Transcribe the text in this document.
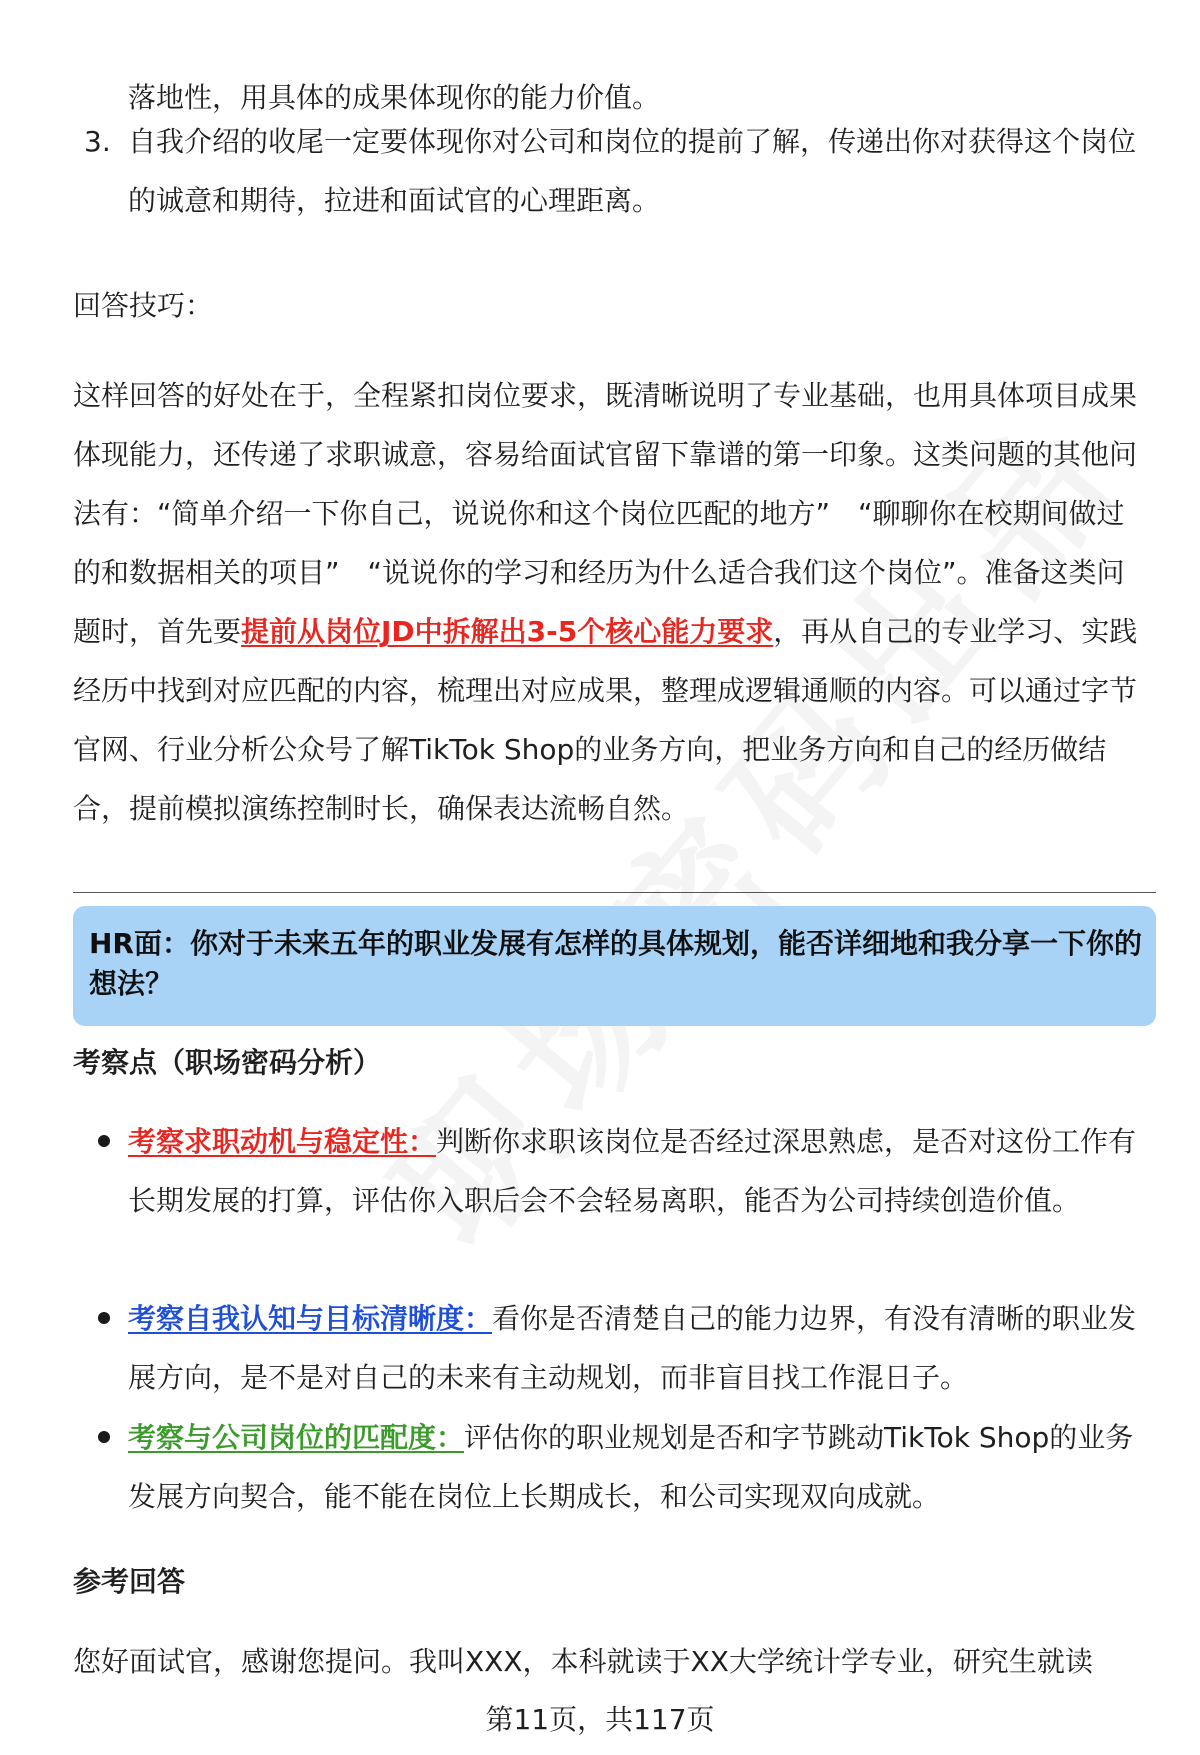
落地性，用具体的成果体现你的能力价值。

3. 自我介绍的收尾一定要体现你对公司和岗位的提前了解，传递出你对获得这个岗位的诚意和期待，拉进和面试官的心理距离。

回答技巧：

这样回答的好处在于，全程紧扣岗位要求，既清晰说明了专业基础，也用具体项目成果体现能力，还传递了求职诚意，容易给面试官留下靠谱的第一印象。这类问题的其他问法有：“简单介绍一下你自己，说说你和这个岗位匹配的地方”　“聊聊你在校期间做过的和数据相关的项目”　“说说你的学习和经历为什么适合我们这个岗位”。准备这类问题时，首先要提前从岗位JD中拆解出3-5个核心能力要求，再从自己的专业学习、实践经历中找到对应匹配的内容，梳理出对应成果，整理成逻辑通顺的内容。可以通过字节官网、行业分析公众号了解TikTok Shop的业务方向，把业务方向和自己的经历做结合，提前模拟演练控制时长，确保表达流畅自然。

HR面：你对于未来五年的职业发展有怎样的具体规划，能否详细地和我分享一下你的想法？
考察点（职场密码分析）
考察求职动机与稳定性：判断你求职该岗位是否经过深思熟虑，是否对这份工作有长期发展的打算，评估你入职后会不会轻易离职，能否为公司持续创造价值。
考察自我认知与目标清晰度：看你是否清楚自己的能力边界，有没有清晰的职业发展方向，是不是对自己的未来有主动规划，而非盲目找工作混日子。
考察与公司岗位的匹配度：评估你的职业规划是否和字节跳动TikTok Shop的业务发展方向契合，能不能在岗位上长期成长，和公司实现双向成就。
参考回答

您好面试官，感谢您提问。我叫XXX，本科就读于XX大学统计学专业，研究生就读

第11页，共117页
